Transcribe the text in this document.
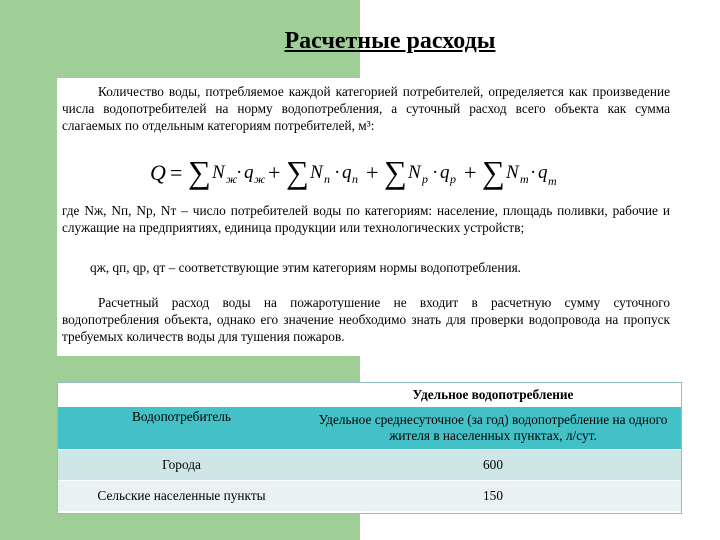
Расчетные расходы
Количество воды, потребляемое каждой категорией потребителей, определяется как произведение числа водопотребителей на норму водопотребления, а суточный расход всего объекта как сумма слагаемых по отдельным категориям потребителей, м³:
Q = ∑ N ж
· q ж + ∑ N п · q п + ∑ N р · q р + ∑ N т · q т
где Nж, Nп, Nр, Nт – число потребителей воды по категориям: население, площадь поливки, рабочие и служащие на предприятиях, единица продукции или технологических устройств;
qж, qп, qр, qт – соответствующие этим категориям нормы водопотребления.
Расчетный расход воды на пожаротушение не входит в расчетную сумму суточного водопотребления объекта, однако его значение необходимо знать для проверки водопровода на пропуск требуемых количеств воды для тушения пожаров.
	Удельное водопотребление
Водопотребитель	Удельное среднесуточное (за год) водопотребление на одного жителя в населенных пунктах, л/сут.
Города	600
Сельские населенные пункты	150
